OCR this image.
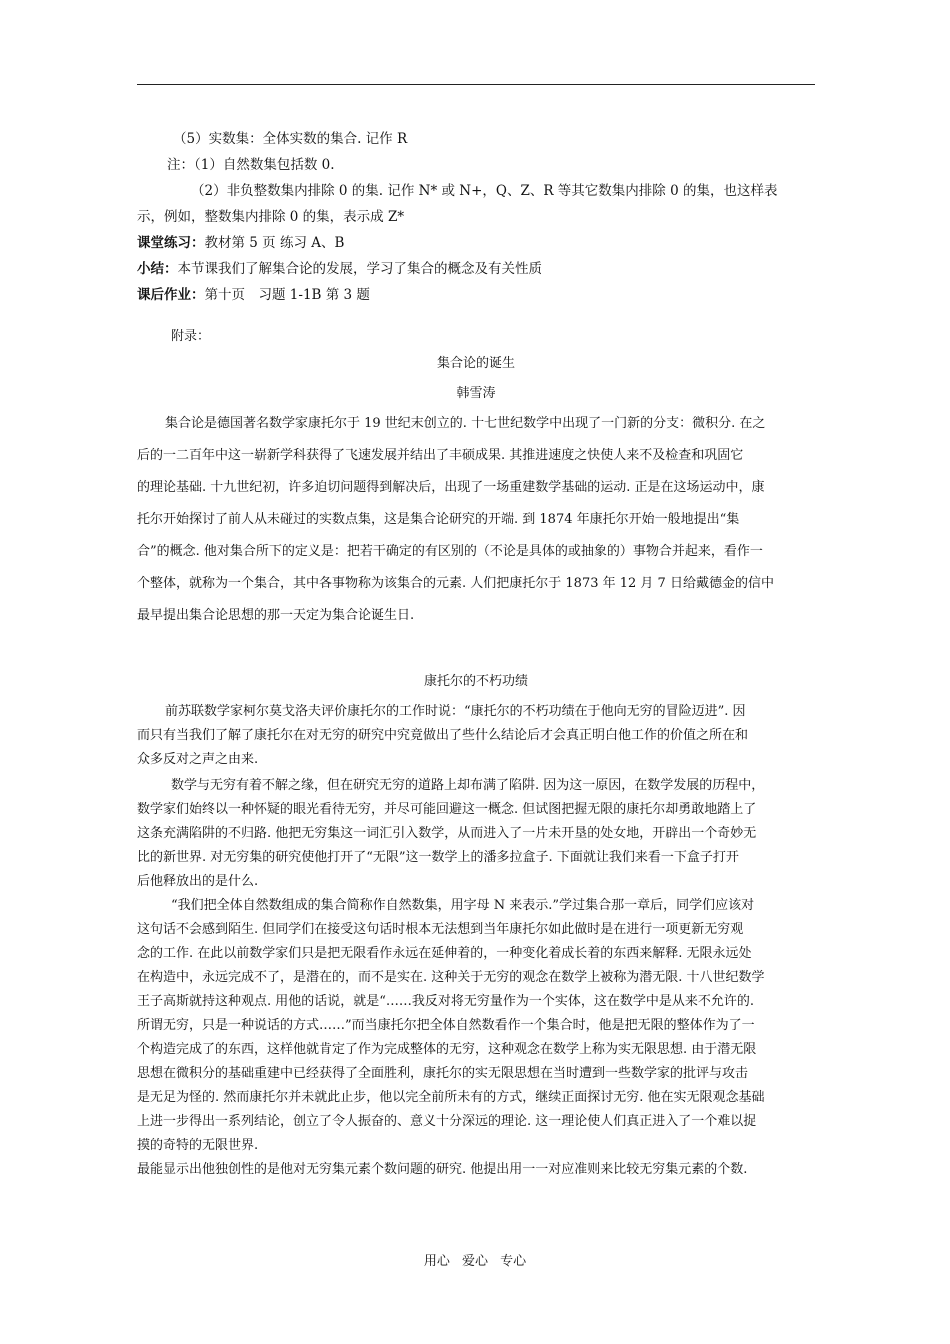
（5）实数集：全体实数的集合. 记作 R

注：（1）自然数集包括数 0.

（2）非负整数集内排除 0 的集. 记作 N* 或 N+，Q、Z、R 等其它数集内排除 0 的集，也这样表

示，例如，整数集内排除 0 的集，表示成 Z*

课堂练习：教材第 5 页 练习 A、B

小结：本节课我们了解集合论的发展，学习了集合的概念及有关性质

课后作业：第十页　习题 1-1B 第 3 题

附录：

集合论的诞生

韩雪涛

集合论是德国著名数学家康托尔于 19 世纪末创立的. 十七世纪数学中出现了一门新的分支：微积分. 在之

后的一二百年中这一崭新学科获得了飞速发展并结出了丰硕成果. 其推进速度之快使人来不及检查和巩固它

的理论基础. 十九世纪初，许多迫切问题得到解决后，出现了一场重建数学基础的运动. 正是在这场运动中，康

托尔开始探讨了前人从未碰过的实数点集，这是集合论研究的开端. 到 1874 年康托尔开始一般地提出“集

合”的概念. 他对集合所下的定义是：把若干确定的有区别的（不论是具体的或抽象的）事物合并起来，看作一

个整体，就称为一个集合，其中各事物称为该集合的元素. 人们把康托尔于 1873 年 12 月 7 日给戴德金的信中

最早提出集合论思想的那一天定为集合论诞生日.

康托尔的不朽功绩

前苏联数学家柯尔莫戈洛夫评价康托尔的工作时说：“康托尔的不朽功绩在于他向无穷的冒险迈进”. 因

而只有当我们了解了康托尔在对无穷的研究中究竟做出了些什么结论后才会真正明白他工作的价值之所在和

众多反对之声之由来.

数学与无穷有着不解之缘，但在研究无穷的道路上却布满了陷阱. 因为这一原因，在数学发展的历程中，

数学家们始终以一种怀疑的眼光看待无穷，并尽可能回避这一概念. 但试图把握无限的康托尔却勇敢地踏上了

这条充满陷阱的不归路. 他把无穷集这一词汇引入数学，从而进入了一片未开垦的处女地，开辟出一个奇妙无

比的新世界. 对无穷集的研究使他打开了“无限”这一数学上的潘多拉盒子. 下面就让我们来看一下盒子打开

后他释放出的是什么.

“我们把全体自然数组成的集合简称作自然数集，用字母 N 来表示.”学过集合那一章后，同学们应该对

这句话不会感到陌生. 但同学们在接受这句话时根本无法想到当年康托尔如此做时是在进行一项更新无穷观

念的工作. 在此以前数学家们只是把无限看作永远在延伸着的，一种变化着成长着的东西来解释. 无限永远处

在构造中，永远完成不了，是潜在的，而不是实在. 这种关于无穷的观念在数学上被称为潜无限. 十八世纪数学

王子高斯就持这种观点. 用他的话说，就是“……我反对将无穷量作为一个实体，这在数学中是从来不允许的.

所谓无穷，只是一种说话的方式……”而当康托尔把全体自然数看作一个集合时，他是把无限的整体作为了一

个构造完成了的东西，这样他就肯定了作为完成整体的无穷，这种观念在数学上称为实无限思想. 由于潜无限

思想在微积分的基础重建中已经获得了全面胜利，康托尔的实无限思想在当时遭到一些数学家的批评与攻击

是无足为怪的. 然而康托尔并未就此止步，他以完全前所未有的方式，继续正面探讨无穷. 他在实无限观念基础

上进一步得出一系列结论，创立了令人振奋的、意义十分深远的理论. 这一理论使人们真正进入了一个难以捉

摸的奇特的无限世界.

最能显示出他独创性的是他对无穷集元素个数问题的研究. 他提出用一一对应准则来比较无穷集元素的个数.

用心 爱心 专心
